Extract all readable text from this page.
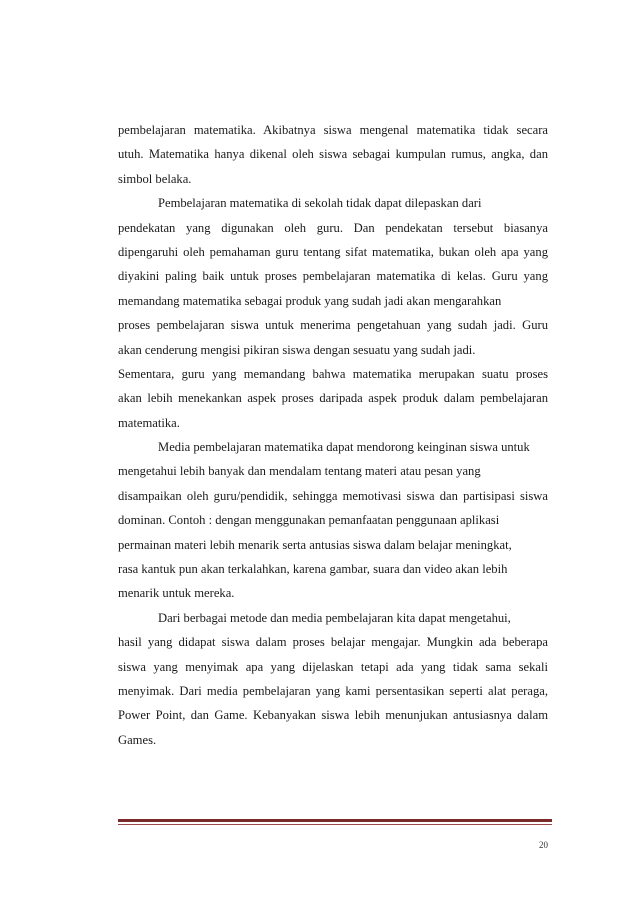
pembelajaran matematika. Akibatnya siswa mengenal matematika tidak secara
utuh. Matematika hanya dikenal oleh siswa sebagai kumpulan rumus, angka, dan
simbol belaka.
Pembelajaran matematika di sekolah tidak dapat dilepaskan dari
pendekatan yang digunakan oleh guru. Dan pendekatan tersebut biasanya
dipengaruhi oleh pemahaman guru tentang sifat matematika, bukan oleh apa yang
diyakini paling baik untuk proses pembelajaran matematika di kelas. Guru yang
memandang matematika sebagai produk yang sudah jadi akan mengarahkan
proses pembelajaran siswa untuk menerima pengetahuan yang sudah jadi. Guru
akan cenderung mengisi pikiran siswa dengan sesuatu yang sudah jadi.
Sementara, guru yang memandang bahwa matematika merupakan suatu proses
akan lebih menekankan aspek proses daripada aspek produk dalam pembelajaran
matematika.
Media pembelajaran matematika dapat mendorong keinginan siswa untuk
mengetahui lebih banyak dan mendalam tentang materi atau pesan yang
disampaikan oleh guru/pendidik, sehingga memotivasi siswa dan partisipasi siswa
dominan. Contoh : dengan menggunakan pemanfaatan penggunaan aplikasi
permainan materi lebih menarik serta antusias siswa dalam belajar meningkat,
rasa kantuk pun akan terkalahkan, karena gambar, suara dan video akan lebih
menarik untuk mereka.
Dari berbagai metode dan media pembelajaran kita dapat mengetahui,
hasil yang didapat siswa dalam proses belajar mengajar. Mungkin ada beberapa
siswa yang menyimak apa yang dijelaskan tetapi ada yang tidak sama sekali
menyimak. Dari media pembelajaran yang kami persentasikan seperti alat peraga,
Power Point, dan Game. Kebanyakan siswa lebih menunjukan antusiasnya dalam
Games.
20
